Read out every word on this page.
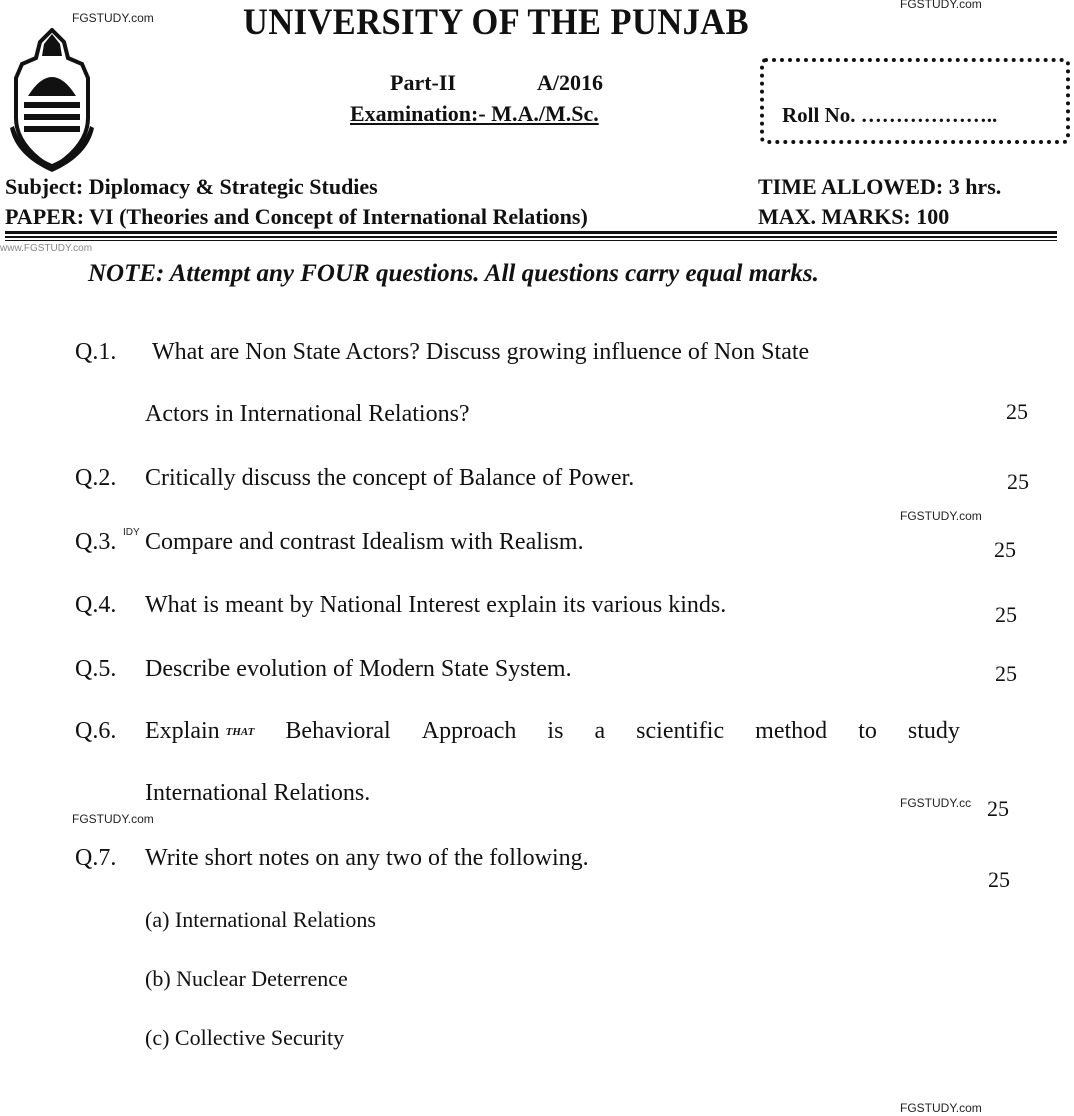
FGSTUDY.com
FGSTUDY.com
www.FGSTUDY.com
FGSTUDY.com
IDY
FGSTUDY.com
FGSTUDY.cc
FGSTUDY.com
UNIVERSITY OF THE PUNJAB
Part-II	A/2016
Examination:- M.A./M.Sc.	Roll No. ………………..
Subject: Diplomacy & Strategic Studies
PAPER: VI (Theories and Concept of International Relations)
TIME ALLOWED: 3 hrs.
MAX. MARKS: 100
NOTE: Attempt any FOUR questions. All questions carry equal marks.
Q.1. What are Non State Actors? Discuss growing influence of Non State
Actors in International Relations?	25
Q.2. Critically discuss the concept of Balance of Power.	25
Q.3. Compare and contrast Idealism with Realism.	25
Q.4. What is meant by National Interest explain its various kinds.	25
Q.5. Describe evolution of Modern State System.	25
Q.6. Explain THAT Behavioral Approach is a scientific method to study
International Relations.
25
Q.7. Write short notes on any two of the following.
25
(a) International Relations
(b) Nuclear Deterrence
(c) Collective Security
